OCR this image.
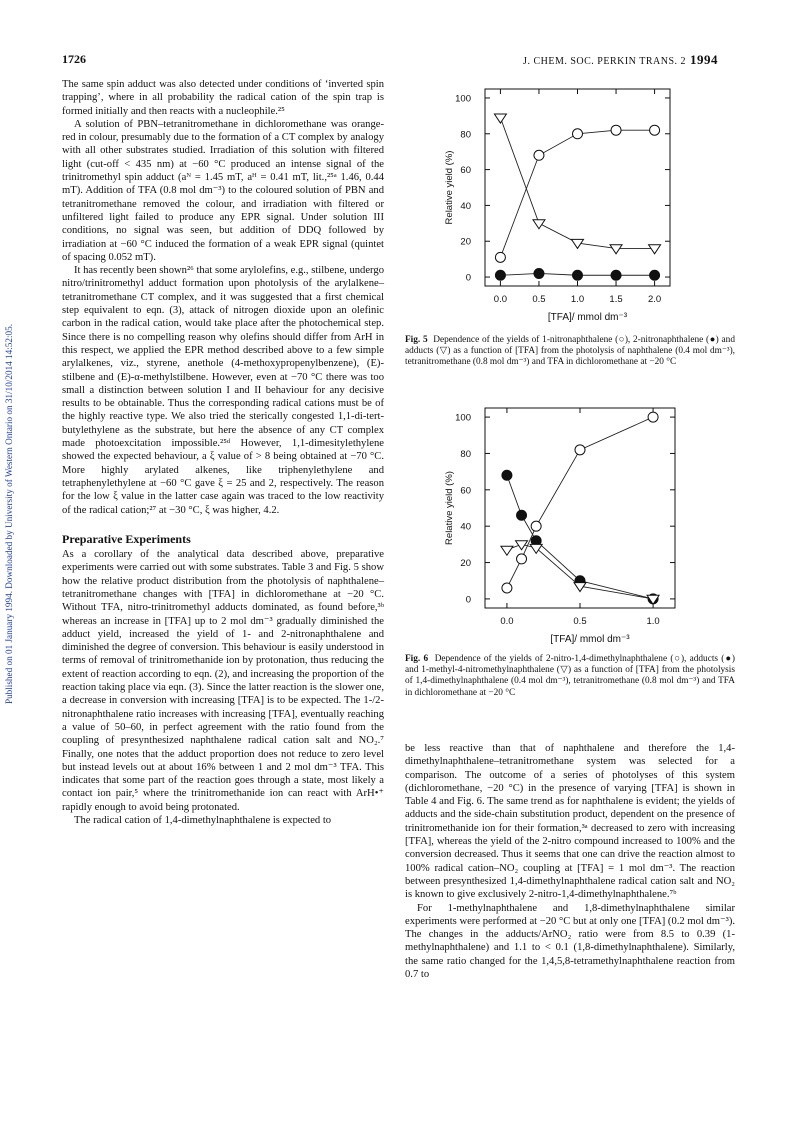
1726	J. CHEM. SOC. PERKIN TRANS. 2 1994
Published on 01 January 1994. Downloaded by University of Western Ontario on 31/10/2014 14:52:05.

The same spin adduct was also detected under conditions of ‘inverted spin trapping’, where in all probability the radical cation of the spin trap is formed initially and then reacts with a nucleophile.²⁵

A solution of PBN–tetranitromethane in dichloromethane was orange-red in colour, presumably due to the formation of a CT complex by analogy with all other substrates studied. Irradiation of this solution with filtered light (cut-off < 435 nm) at −60 °C produced an intense signal of the trinitromethyl spin adduct (aᴺ = 1.45 mT, aᴴ = 0.41 mT, lit.,²⁵ᵃ 1.46, 0.44 mT). Addition of TFA (0.8 mol dm⁻³) to the coloured solution of PBN and tetranitromethane removed the colour, and irradiation with filtered or unfiltered light failed to produce any EPR signal. Under solution III conditions, no signal was seen, but addition of DDQ followed by irradiation at −60 °C induced the formation of a weak EPR signal (quintet of spacing 0.052 mT).

It has recently been shown²⁶ that some arylolefins, e.g., stilbene, undergo nitro/trinitromethyl adduct formation upon photolysis of the arylalkene–tetranitromethane CT complex, and it was suggested that a first chemical step equivalent to eqn. (3), attack of nitrogen dioxide upon an olefinic carbon in the radical cation, would take place after the photochemical step. Since there is no compelling reason why olefins should differ from ArH in this respect, we applied the EPR method described above to a few simple arylalkenes, viz., styrene, anethole (4-methoxypropenylbenzene), (E)-stilbene and (E)-α-methylstilbene. However, even at −70 °C there was too small a distinction between solution I and II behaviour for any decisive results to be obtainable. Thus the corresponding radical cations must be of the highly reactive type. We also tried the sterically congested 1,1-di-tert-butylethylene as the substrate, but here the absence of any CT complex made photoexcitation impossible.²⁵ᵈ However, 1,1-dimesitylethylene showed the expected behaviour, a ξ value of > 8 being obtained at −70 °C. More highly arylated alkenes, like triphenylethylene and tetraphenylethylene at −60 °C gave ξ = 25 and 2, respectively. The reason for the low ξ value in the latter case again was traced to the low reactivity of the radical cation;²⁷ at −30 °C, ξ was higher, 4.2.

Preparative Experiments

As a corollary of the analytical data described above, preparative experiments were carried out with some substrates. Table 3 and Fig. 5 show how the relative product distribution from the photolysis of naphthalene–tetranitromethane changes with [TFA] in dichloromethane at −20 °C. Without TFA, nitro-trinitromethyl adducts dominated, as found before,³ᵇ whereas an increase in [TFA] up to 2 mol dm⁻³ gradually diminished the adduct yield, increased the yield of 1- and 2-nitronaphthalene and diminished the degree of conversion. This behaviour is easily understood in terms of removal of trinitromethanide ion by protonation, thus reducing the extent of reaction according to eqn. (2), and increasing the proportion of the reaction taking place via eqn. (3). Since the latter reaction is the slower one, a decrease in conversion with increasing [TFA] is to be expected. The 1-/2-nitronaphthalene ratio increases with increasing [TFA], eventually reaching a value of 50–60, in perfect agreement with the ratio found from the coupling of presynthesized naphthalene radical cation salt and NO₂.⁷ Finally, one notes that the adduct proportion does not reduce to zero level but instead levels out at about 16% between 1 and 2 mol dm⁻³ TFA. This indicates that some part of the reaction goes through a state, most likely a contact ion pair,⁵ where the trinitromethanide ion can react with ArH•⁺ rapidly enough to avoid being protonated.

The radical cation of 1,4-dimethylnaphthalene is expected to

be less reactive than that of naphthalene and therefore the 1,4-dimethylnaphthalene–tetranitromethane system was selected for a comparison. The outcome of a series of photolyses of this system (dichloromethane, −20 °C) in the presence of varying [TFA] is shown in Table 4 and Fig. 6. The same trend as for naphthalene is evident; the yields of adducts and the side-chain substitution product, dependent on the presence of trinitromethanide ion for their formation,³ᵃ decreased to zero with increasing [TFA], whereas the yield of the 2-nitro compound increased to 100% and the conversion decreased. Thus it seems that one can drive the reaction almost to 100% radical cation–NO₂ coupling at [TFA] = 1 mol dm⁻³. The reaction between presynthesized 1,4-dimethylnaphthalene radical cation salt and NO₂ is known to give exclusively 2-nitro-1,4-dimethylnaphthalene.⁷ᵇ

For 1-methylnaphthalene and 1,8-dimethylnaphthalene similar experiments were performed at −20 °C but at only one [TFA] (0.2 mol dm⁻³). The changes in the adducts/ArNO₂ ratio were from 8.5 to 0.39 (1-methylnaphthalene) and 1.1 to < 0.1 (1,8-dimethylnaphthalene). Similarly, the same ratio changed for the 1,4,5,8-tetramethylnaphthalene reaction from 0.7 to

0
20
40
60
80
100
0.0	0.5	1.0	1.5	2.0
[TFA]/ mmol dm⁻³
Relative yield (%)
Fig. 5 Dependence of the yields of 1-nitronaphthalene (○), 2-nitronaphthalene (●) and adducts (▽) as a function of [TFA] from the photolysis of naphthalene (0.4 mol dm⁻³), tetranitromethane (0.8 mol dm⁻³) and TFA in dichloromethane at −20 °C
0
20
40
60
80
100
0.0	0.5	1.0
[TFA]/ mmol dm⁻³
Relative yield (%)
Fig. 6 Dependence of the yields of 2-nitro-1,4-dimethylnaphthalene (○), adducts (●) and 1-methyl-4-nitromethylnaphthalene (▽) as a function of [TFA] from the photolysis of 1,4-dimethylnaphthalene (0.4 mol dm⁻³), tetranitromethane (0.8 mol dm⁻³) and TFA in dichloromethane at −20 °C
